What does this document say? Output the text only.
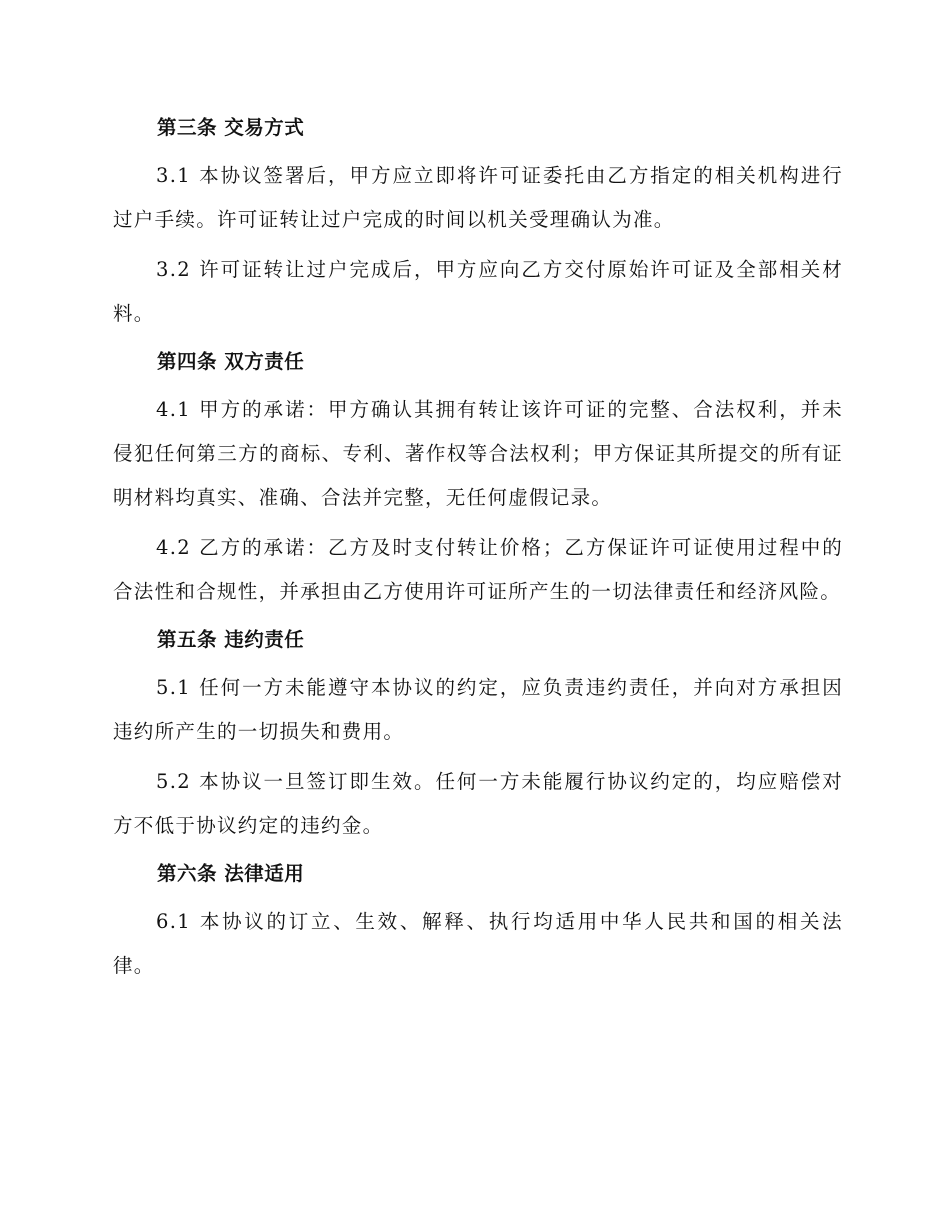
第三条 交易方式

3.1 本协议签署后，甲方应立即将许可证委托由乙方指定的相关机构进行过户手续。许可证转让过户完成的时间以机关受理确认为准。

3.2 许可证转让过户完成后，甲方应向乙方交付原始许可证及全部相关材料。

第四条 双方责任

4.1 甲方的承诺：甲方确认其拥有转让该许可证的完整、合法权利，并未侵犯任何第三方的商标、专利、著作权等合法权利；甲方保证其所提交的所有证明材料均真实、准确、合法并完整，无任何虚假记录。

4.2 乙方的承诺：乙方及时支付转让价格；乙方保证许可证使用过程中的合法性和合规性，并承担由乙方使用许可证所产生的一切法律责任和经济风险。

第五条 违约责任

5.1 任何一方未能遵守本协议的约定，应负责违约责任，并向对方承担因违约所产生的一切损失和费用。

5.2 本协议一旦签订即生效。任何一方未能履行协议约定的，均应赔偿对方不低于协议约定的违约金。

第六条 法律适用

6.1 本协议的订立、生效、解释、执行均适用中华人民共和国的相关法律。
